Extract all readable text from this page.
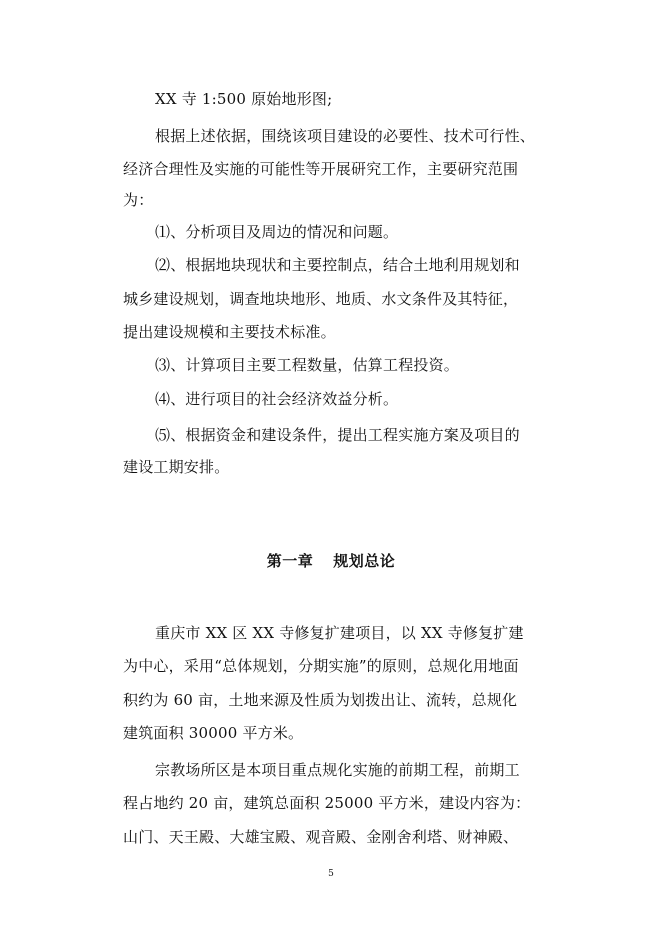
XX 寺 1:500 原始地形图;
根据上述依据，围绕该项目建设的必要性、技术可行性、
经济合理性及实施的可能性等开展研究工作，主要研究范围
为：
⑴、分析项目及周边的情况和问题。
⑵、根据地块现状和主要控制点，结合土地利用规划和
城乡建设规划，调查地块地形、地质、水文条件及其特征，
提出建设规模和主要技术标准。
⑶、计算项目主要工程数量，估算工程投资。
⑷、进行项目的社会经济效益分析。
⑸、根据资金和建设条件，提出工程实施方案及项目的
建设工期安排。
第一章 规划总论
重庆市 XX 区 XX 寺修复扩建项目，以 XX 寺修复扩建
为中心，采用“总体规划，分期实施”的原则，总规化用地面
积约为 60 亩，土地来源及性质为划拨出让、流转，总规化
建筑面积 30000 平方米。
宗教场所区是本项目重点规化实施的前期工程，前期工
程占地约 20 亩，建筑总面积 25000 平方米，建设内容为：
山门、天王殿、大雄宝殿、观音殿、金刚舍利塔、财神殿、
5
